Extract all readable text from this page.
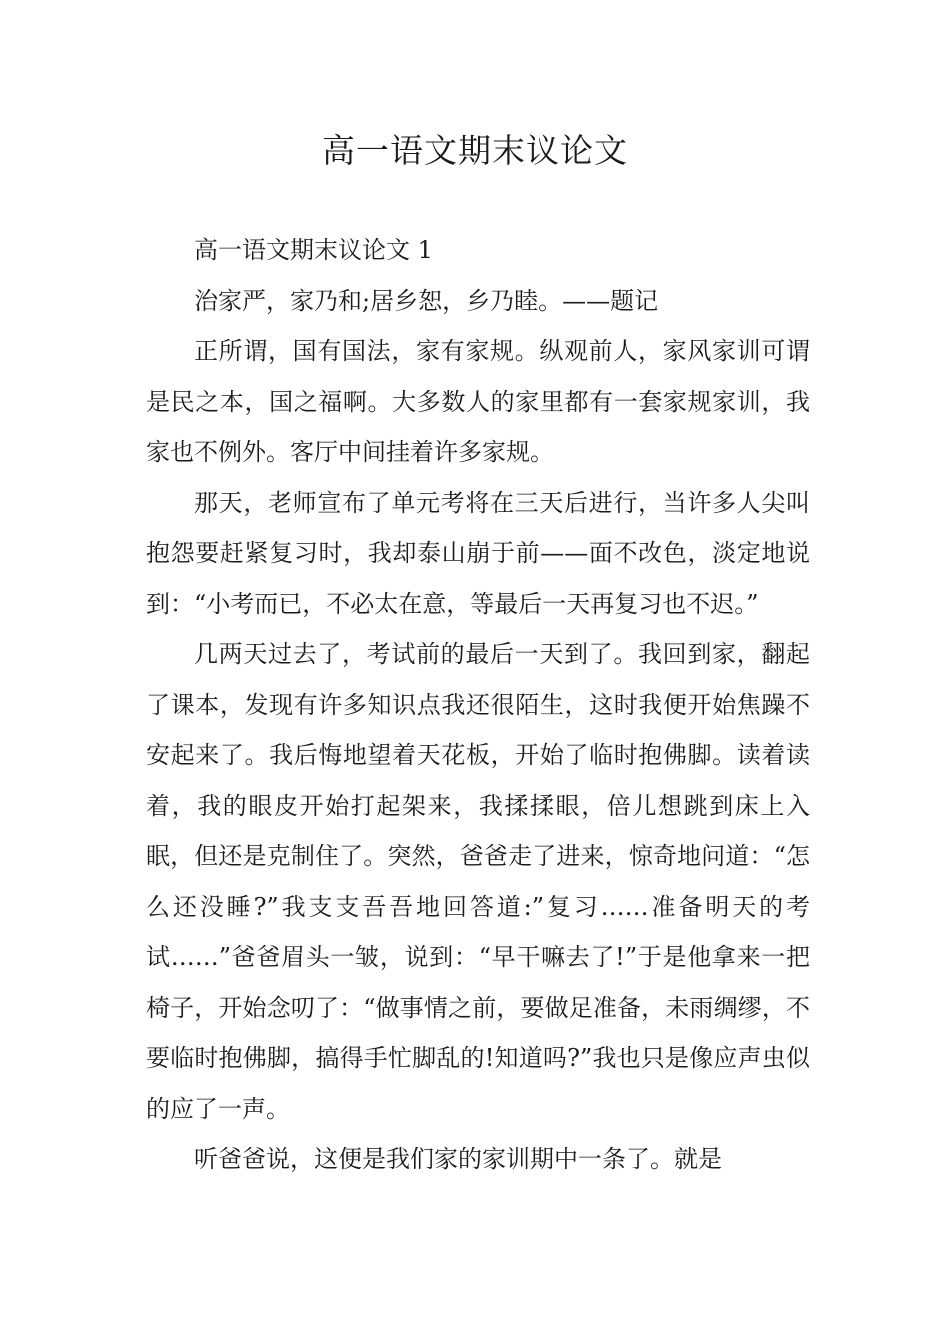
高一语文期末议论文

高一语文期末议论文 1

治家严，家乃和;居乡恕，乡乃睦。——题记

正所谓，国有国法，家有家规。纵观前人，家风家训可谓是民之本，国之福啊。大多数人的家里都有一套家规家训，我家也不例外。客厅中间挂着许多家规。

那天，老师宣布了单元考将在三天后进行，当许多人尖叫抱怨要赶紧复习时，我却泰山崩于前——面不改色，淡定地说到：“小考而已，不必太在意，等最后一天再复习也不迟。”

几两天过去了，考试前的最后一天到了。我回到家，翻起了课本，发现有许多知识点我还很陌生，这时我便开始焦躁不安起来了。我后悔地望着天花板，开始了临时抱佛脚。读着读着，我的眼皮开始打起架来，我揉揉眼，倍儿想跳到床上入眠，但还是克制住了。突然，爸爸走了进来，惊奇地问道：“怎么还没睡?”我支支吾吾地回答道:”复习……准备明天的考试……”爸爸眉头一皱，说到：“早干嘛去了!”于是他拿来一把椅子，开始念叨了：“做事情之前，要做足准备，未雨绸缪，不要临时抱佛脚，搞得手忙脚乱的!知道吗?”我也只是像应声虫似的应了一声。

听爸爸说，这便是我们家的家训期中一条了。就是
